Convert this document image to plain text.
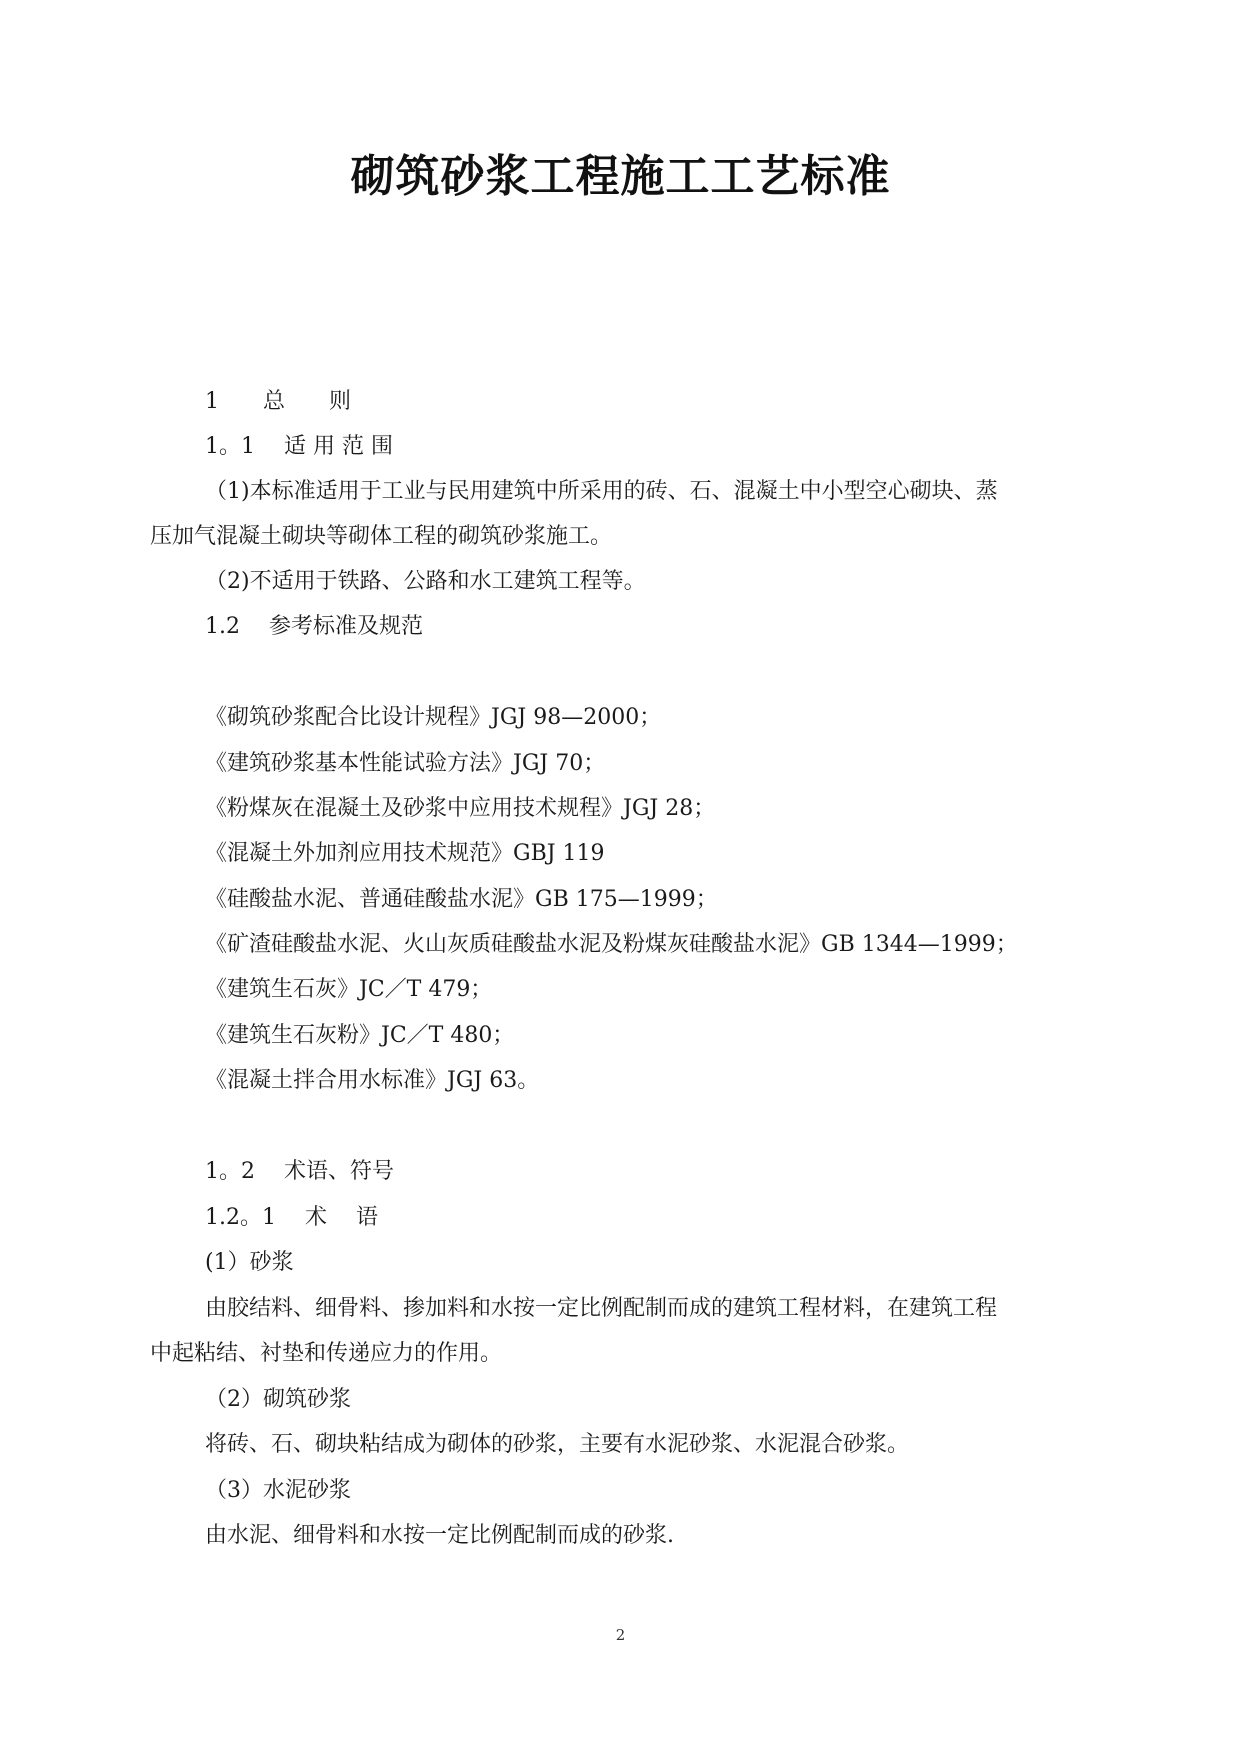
砌筑砂浆工程施工工艺标准
1　　总　　则
1。1　 适 用 范 围
（1)本标准适用于工业与民用建筑中所采用的砖、石、混凝土中小型空心砌块、蒸
压加气混凝土砌块等砌体工程的砌筑砂浆施工。
（2)不适用于铁路、公路和水工建筑工程等。
1.2　 参考标准及规范
《砌筑砂浆配合比设计规程》JGJ 98—2000；
《建筑砂浆基本性能试验方法》JGJ 70；
《粉煤灰在混凝土及砂浆中应用技术规程》JGJ 28；
《混凝土外加剂应用技术规范》GBJ 119
《硅酸盐水泥、普通硅酸盐水泥》GB 175—1999；
《矿渣硅酸盐水泥、火山灰质硅酸盐水泥及粉煤灰硅酸盐水泥》GB 1344—1999；
《建筑生石灰》JC／T 479；
《建筑生石灰粉》JC／T 480；
《混凝土拌合用水标准》JGJ 63。
1。2　 术语、符号
1.2。1　 术　 语
(1）砂浆
由胶结料、细骨料、掺加料和水按一定比例配制而成的建筑工程材料，在建筑工程
中起粘结、衬垫和传递应力的作用。
（2）砌筑砂浆
将砖、石、砌块粘结成为砌体的砂浆，主要有水泥砂浆、水泥混合砂浆。
（3）水泥砂浆
由水泥、细骨料和水按一定比例配制而成的砂浆.
2
